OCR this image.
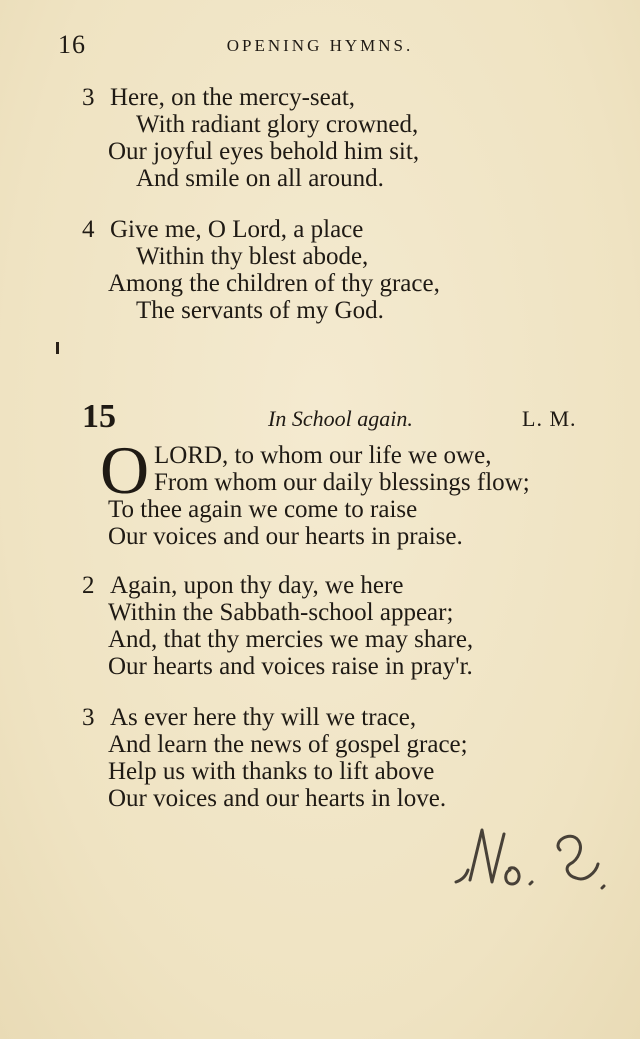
16	OPENING HYMNS.
3 Here, on the mercy-seat,
With radiant glory crowned,
Our joyful eyes behold him sit,
And smile on all around.
4 Give me, O Lord, a place
Within thy blest abode,
Among the children of thy grace,
The servants of my God.
15	In School again.	L. M.
O LORD, to whom our life we owe,
From whom our daily blessings flow;
To thee again we come to raise
Our voices and our hearts in praise.
2 Again, upon thy day, we here
Within the Sabbath-school appear;
And, that thy mercies we may share,
Our hearts and voices raise in pray'r.
3 As ever here thy will we trace,
And learn the news of gospel grace;
Help us with thanks to lift above
Our voices and our hearts in love.
